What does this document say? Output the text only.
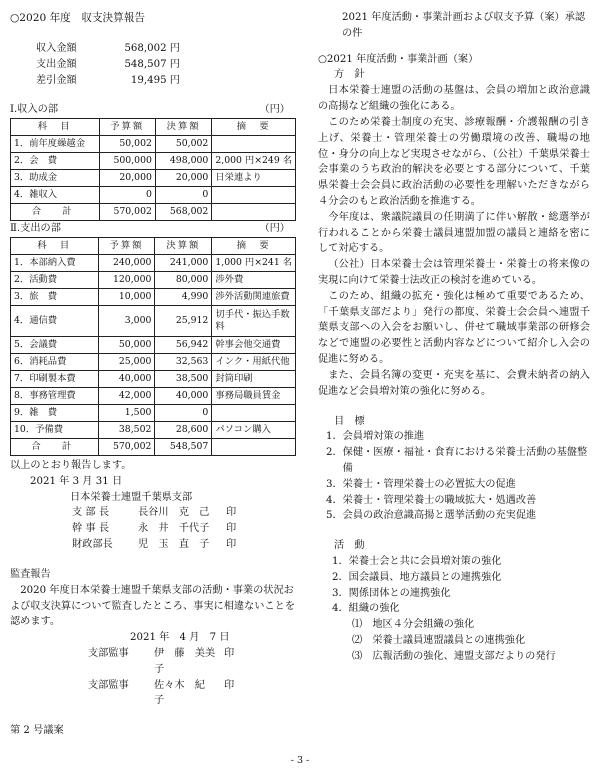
○2020 年度　収支決算報告

収入金額	568,002 円
支出金額	548,507 円
差引金額	19,495 円
Ⅰ.収入の部	（円）
科　目	予算額	決算額	摘　要
1．前年度繰越金	50,002	50,002	
2．会　費	500,000	498,000	2,000 円×249 名
3．助成金	20,000	20,000	日栄連より
4．雑収入	0	0	
合　計	570,002	568,002	
Ⅱ.支出の部	（円）
科　目	予算額	決算額	摘　要
1．本部納入費	240,000	241,000	1,000 円×241 名
2．活動費	120,000	80,000	渉外費
3．旅　費	10,000	4,990	渉外活動関連旅費
4．通信費	3,000	25,912	切手代・振込手数料
5．会議費	50,000	56,942	幹事会他交通費
6．消耗品費	25,000	32,563	インク・用紙代他
7．印刷製本費	40,000	38,500	封筒印刷
8．事務管理費	42,000	40,000	事務局職員賃金
9．雑　費	1,500	0	
10．予備費	38,502	28,600	パソコン購入
合　計	570,002	548,507	
以上のとおり報告します。
2021 年 3 月 31 日
日本栄養士連盟千葉県支部
支 部 長	長谷川　克　己	印
幹 事 長	永　井　千代子	印
財政部長	児　玉　直　子	印
監査報告

2020 年度日本栄養士連盟千葉県支部の活動・事業の状況および収支決算について監査したところ、事実に相違ないことを認めます。

2021 年　4 月　7 日
支部監事	伊　藤　美美子
印
支部監事	佐々木　紀　子
印
第 2 号議案

2021 年度活動・事業計画および収支予算（案）承認の件

○2021 年度活動・事業計画（案）
方　針

日本栄養士連盟の活動の基盤は、会員の増加と政治意識の高揚など組織の強化にある。

このため栄養士制度の充実、診療報酬・介護報酬の引き上げ、栄養士・管理栄養士の労働環境の改善、職場の地位・身分の向上など実現させながら、（公社）千葉県栄養士会事業のうち政治的解決を必要とする部分について、千葉県栄養士会会員に政治活動の必要性を理解いただきながら４分会のもと政治活動を推進する。

今年度は、衆議院議員の任期満了に伴い解散・総選挙が行われることから栄養士議員連盟加盟の議員と連絡を密にして対応する。

（公社）日本栄養士会は管理栄養士・栄養士の将来像の実現に向けて栄養士法改正の検討を進めている。

このため、組織の拡充・強化は極めて重要であるため、「千葉県支部だより」発行の都度、栄養士会会員へ連盟千葉県支部への入会をお願いし、併せて職域事業部の研修会などで連盟の必要性と活動内容などについて紹介し入会の促進に努める。

また、会員名簿の変更・充実を基に、会費未納者の納入促進など会員増対策の強化に努める。

目　標
1． 会員増対策の推進
2． 保健・医療・福祉・食育における栄養士活動の基盤整備
3． 栄養士・管理栄養士の必置拡大の促進
4． 栄養士・管理栄養士の職域拡大・処遇改善
5． 会員の政治意識高揚と選挙活動の充実促進
活　動
1．栄養士会と共に会員増対策の強化
2．国会議員、地方議員との連携強化
3．関係団体との連携強化
4．組織の強化
⑴　地区４分会組織の強化
⑵　栄養士議員連盟議員との連携強化
⑶　広報活動の強化、連盟支部だよりの発行
- 3 -
